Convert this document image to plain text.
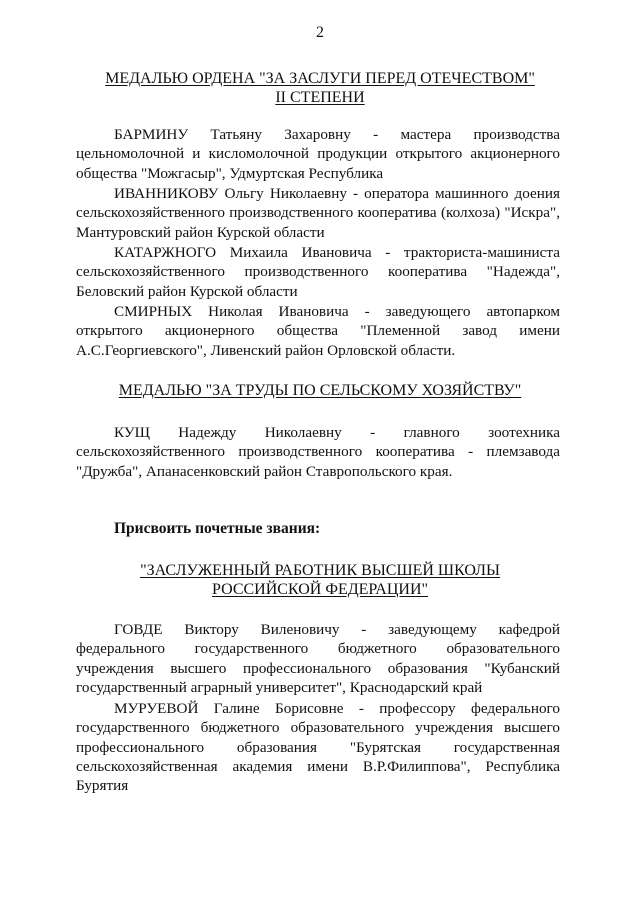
2
МЕДАЛЬЮ ОРДЕНА "ЗА ЗАСЛУГИ ПЕРЕД ОТЕЧЕСТВОМ"
II СТЕПЕНИ
БАРМИНУ Татьяну Захаровну - мастера производства цельномолочной и кисломолочной продукции открытого акционерного общества "Можгасыр", Удмуртская Республика
ИВАННИКОВУ Ольгу Николаевну - оператора машинного доения сельскохозяйственного производственного кооператива (колхоза) "Искра", Мантуровский район Курской области
КАТАРЖНОГО Михаила Ивановича - тракториста-машиниста сельскохозяйственного производственного кооператива "Надежда", Беловский район Курской области
СМИРНЫХ Николая Ивановича - заведующего автопарком открытого акционерного общества "Племенной завод имени А.С.Георгиевского", Ливенский район Орловской области.
МЕДАЛЬЮ "ЗА ТРУДЫ ПО СЕЛЬСКОМУ ХОЗЯЙСТВУ"
КУЩ Надежду Николаевну - главного зоотехника сельскохозяйственного производственного кооператива - племзавода "Дружба", Апанасенковский район Ставропольского края.
Присвоить почетные звания:
"ЗАСЛУЖЕННЫЙ РАБОТНИК ВЫСШЕЙ ШКОЛЫ
РОССИЙСКОЙ ФЕДЕРАЦИИ"
ГОВДЕ Виктору Виленовичу - заведующему кафедрой федерального государственного бюджетного образовательного учреждения высшего профессионального образования "Кубанский государственный аграрный университет", Краснодарский край
МУРУЕВОЙ Галине Борисовне - профессору федерального государственного бюджетного образовательного учреждения высшего профессионального образования "Бурятская государственная сельскохозяйственная академия имени В.Р.Филиппова", Республика Бурятия
